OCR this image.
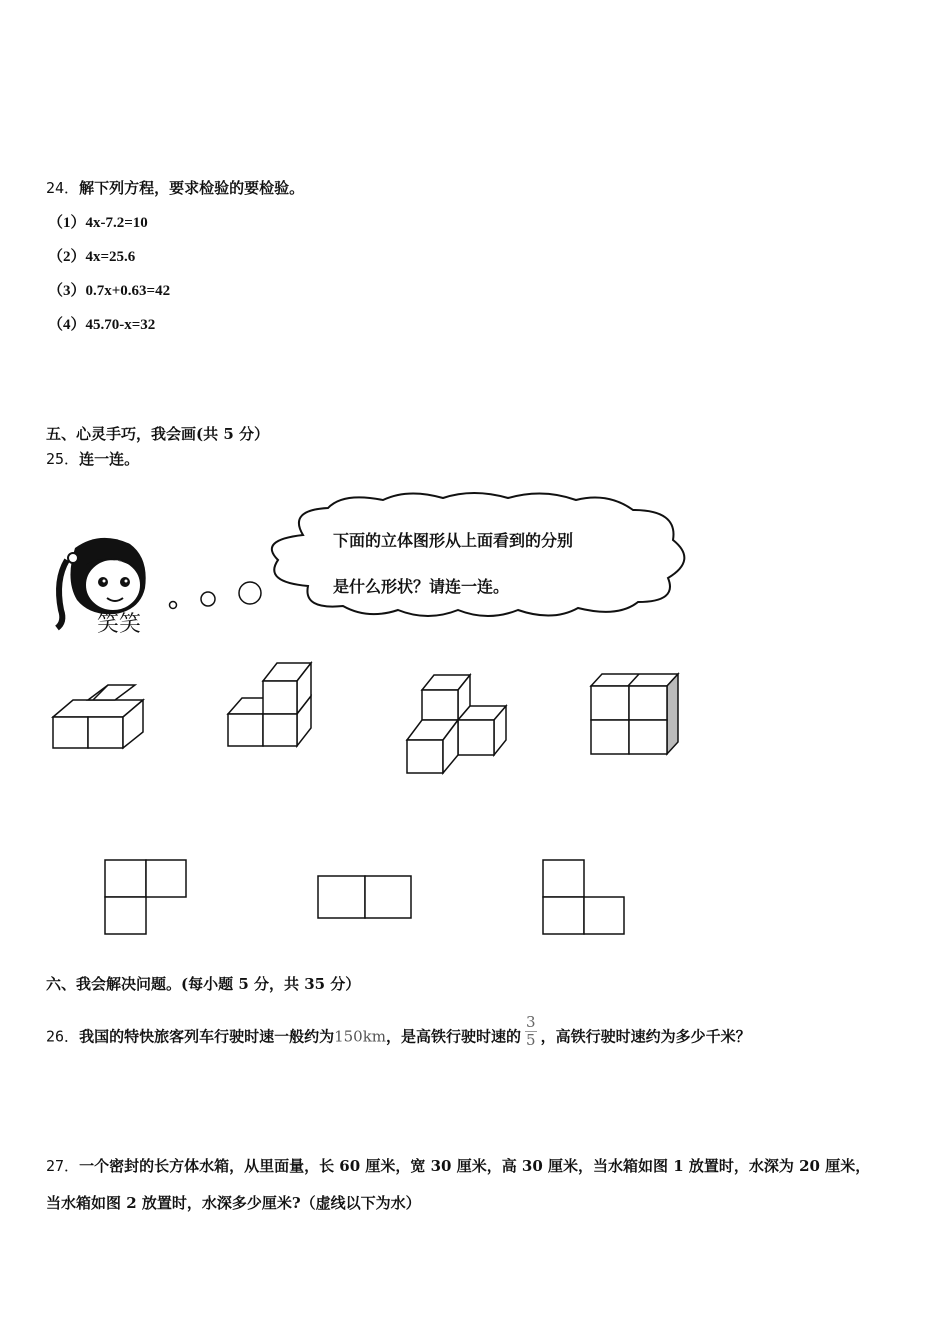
24．解下列方程，要求检验的要检验。
（1）4x-7.2=10
（2）4x=25.6
（3）0.7x+0.63=42
（4）45.70-x=32
五、心灵手巧，我会画(共 5 分）
25．连一连。
笑笑
下面的立体图形从上面看到的分别
是什么形状？请连一连。
六、我会解决问题。(每小题 5 分，共 35 分）
26．我国的特快旅客列车行驶时速一般约为150km，是高铁行驶时速的 $\frac{3}{5}$ ，高铁行驶时速约为多少千米？
27．一个密封的长方体水箱，从里面量，长 60 厘米，宽 30 厘米，高 30 厘米，当水箱如图 1 放置时，水深为 20 厘米，
当水箱如图 2 放置时，水深多少厘米?（虚线以下为水）
